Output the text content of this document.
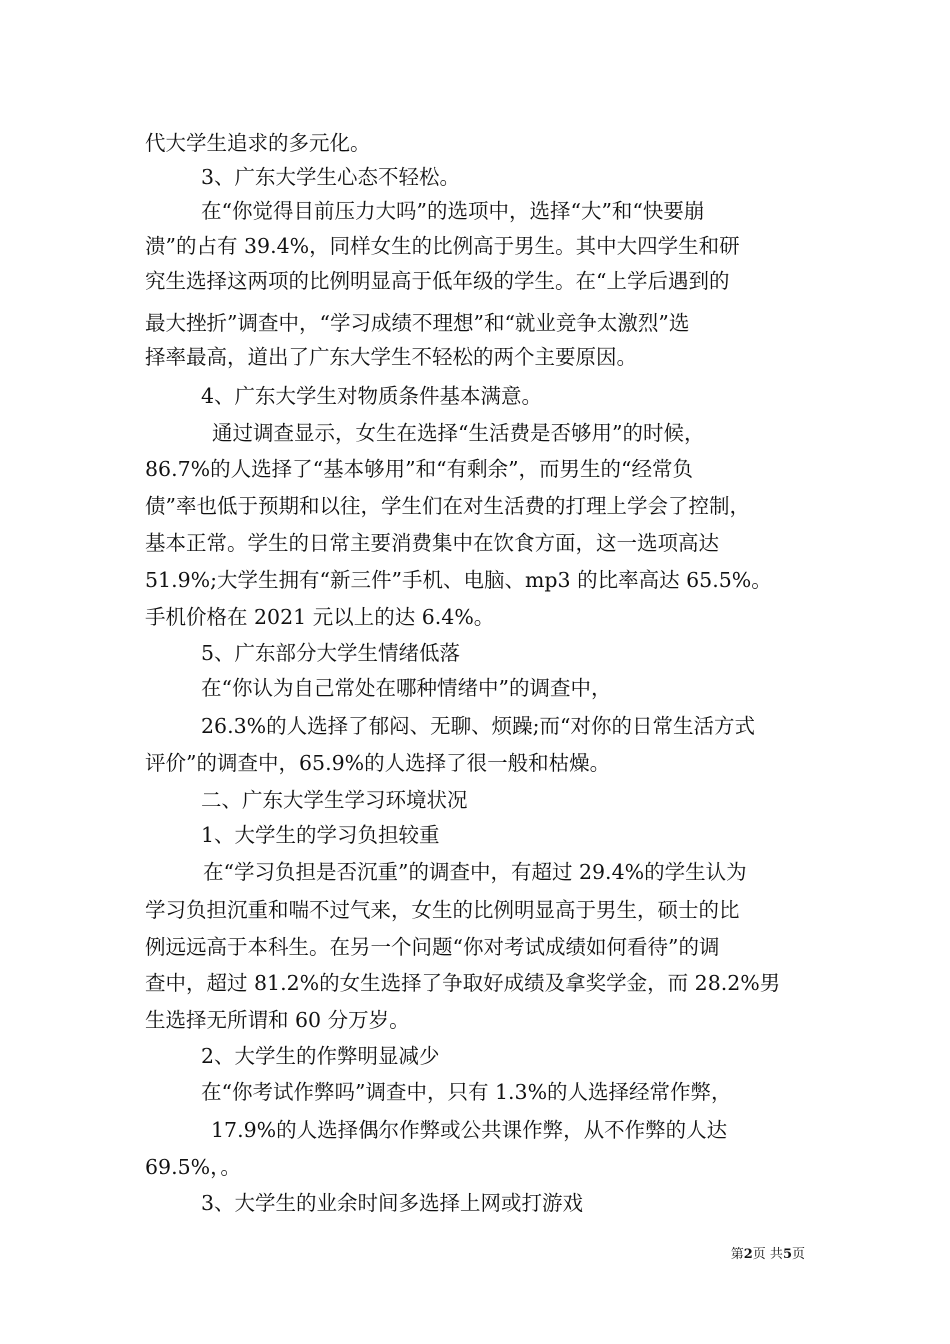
代大学生追求的多元化。
3、广东大学生心态不轻松。
在“你觉得目前压力大吗”的选项中，选择“大”和“快要崩
溃”的占有 39.4%，同样女生的比例高于男生。其中大四学生和研
究生选择这两项的比例明显高于低年级的学生。在“上学后遇到的
最大挫折”调查中，“学习成绩不理想”和“就业竞争太激烈”选
择率最高，道出了广东大学生不轻松的两个主要原因。
4、广东大学生对物质条件基本满意。
通过调查显示，女生在选择“生活费是否够用”的时候，
86.7%的人选择了“基本够用”和“有剩余”，而男生的“经常负
债”率也低于预期和以往，学生们在对生活费的打理上学会了控制，
基本正常。学生的日常主要消费集中在饮食方面，这一选项高达
51.9%;大学生拥有“新三件”手机、电脑、mp3 的比率高达 65.5%。
手机价格在 2021 元以上的达 6.4%。
5、广东部分大学生情绪低落
在“你认为自己常处在哪种情绪中”的调查中，
26.3%的人选择了郁闷、无聊、烦躁;而“对你的日常生活方式
评价”的调查中，65.9%的人选择了很一般和枯燥。
二、广东大学生学习环境状况
1、大学生的学习负担较重
在“学习负担是否沉重”的调查中，有超过 29.4%的学生认为
学习负担沉重和喘不过气来，女生的比例明显高于男生，硕士的比
例远远高于本科生。在另一个问题“你对考试成绩如何看待”的调
查中，超过 81.2%的女生选择了争取好成绩及拿奖学金，而 28.2%男
生选择无所谓和 60 分万岁。
2、大学生的作弊明显减少
在“你考试作弊吗”调查中，只有 1.3%的人选择经常作弊，
17.9%的人选择偶尔作弊或公共课作弊，从不作弊的人达
69.5%，。
3、大学生的业余时间多选择上网或打游戏
第2页 共5页
